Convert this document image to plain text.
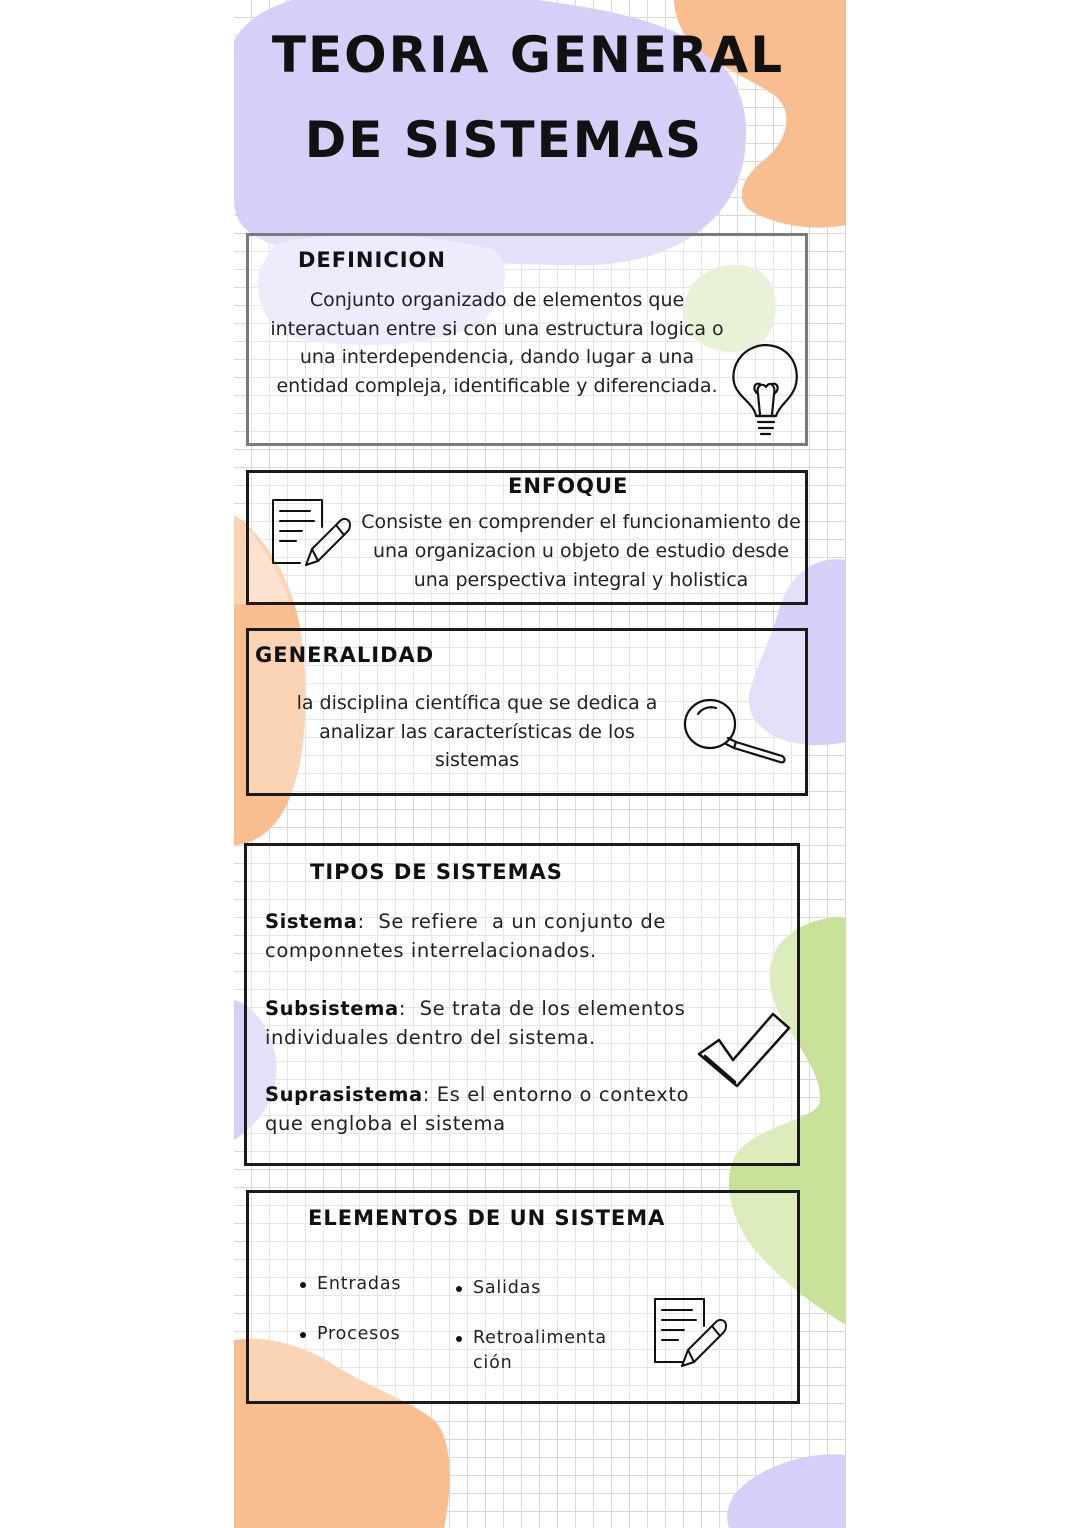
TEORIA GENERAL
DE SISTEMAS
DEFINICION
Conjunto organizado de elementos que
interactuan entre si con una estructura logica o
una interdependencia, dando lugar a una
entidad compleja, identificable y diferenciada.
ENFOQUE
Consiste en comprender el funcionamiento de
una organizacion u objeto de estudio desde
una perspectiva integral y holistica
GENERALIDAD
la disciplina científica que se dedica a
analizar las características de los
sistemas
TIPOS DE SISTEMAS
Sistema:  Se refiere  a un conjunto de
componnetes interrelacionados.
Subsistema:  Se trata de los elementos
individuales dentro del sistema.
Suprasistema: Es el entorno o contexto
que engloba el sistema
ELEMENTOS DE UN SISTEMA
Entradas	Salidas
Procesos	Retroalimenta
ción
